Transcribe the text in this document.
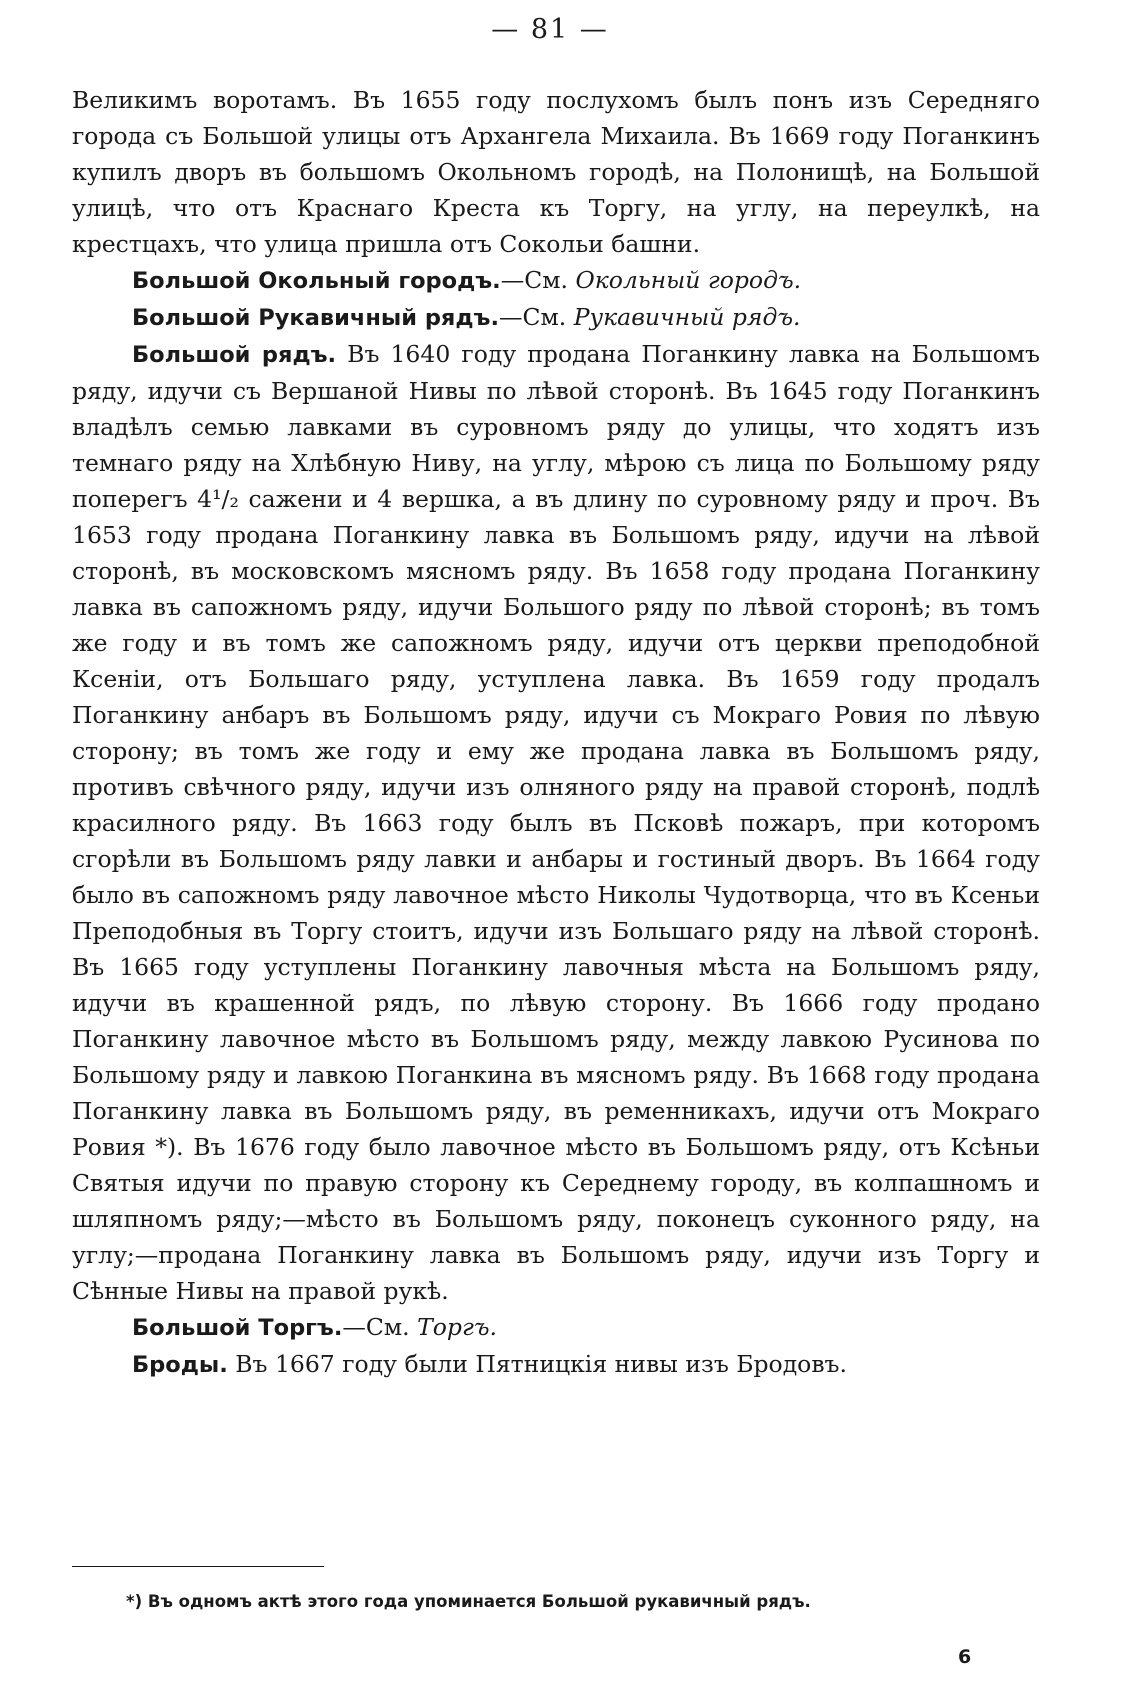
— 81 —

Великимъ воротамъ. Въ 1655 году послухомъ былъ понъ изъ Середняго города съ Большой улицы отъ Архангела Михаила. Въ 1669 году Поганкинъ купилъ дворъ въ большомъ Окольномъ городѣ, на Полонищѣ, на Большой улицѣ, что отъ Краснаго Креста къ Торгу, на углу, на переулкѣ, на крестцахъ, что улица пришла отъ Сокольи башни.

Большой Окольный городъ.—См. Окольный городъ.

Большой Рукавичный рядъ.—См. Рукавичный рядъ.

Большой рядъ. Въ 1640 году продана Поганкину лавка на Большомъ ряду, идучи съ Вершаной Нивы по лѣвой сторонѣ. Въ 1645 году Поганкинъ владѣлъ семью лавками въ суровномъ ряду до улицы, что ходятъ изъ темнаго ряду на Хлѣбную Ниву, на углу, мѣрою съ лица по Большому ряду поперегъ 4¹/₂ сажени и 4 вершка, а въ длину по суровному ряду и проч. Въ 1653 году продана Поганкину лавка въ Большомъ ряду, идучи на лѣвой сторонѣ, въ московскомъ мясномъ ряду. Въ 1658 году продана Поганкину лавка въ сапожномъ ряду, идучи Большого ряду по лѣвой сторонѣ; въ томъ же году и въ томъ же сапожномъ ряду, идучи отъ церкви преподобной Ксеніи, отъ Большаго ряду, уступлена лавка. Въ 1659 году продалъ Поганкину анбаръ въ Большомъ ряду, идучи съ Мокраго Ровия по лѣвую сторону; въ томъ же году и ему же продана лавка въ Большомъ ряду, противъ свѣчного ряду, идучи изъ олняного ряду на правой сторонѣ, подлѣ красилного ряду. Въ 1663 году былъ въ Псковѣ пожаръ, при которомъ сгорѣли въ Большомъ ряду лавки и анбары и гостиный дворъ. Въ 1664 году было въ сапожномъ ряду лавочное мѣсто Николы Чудотворца, что въ Ксеньи Преподобныя въ Торгу стоитъ, идучи изъ Большаго ряду на лѣвой сторонѣ. Въ 1665 году уступлены Поганкину лавочныя мѣста на Большомъ ряду, идучи въ крашенной рядъ, по лѣвую сторону. Въ 1666 году продано Поганкину лавочное мѣсто въ Большомъ ряду, между лавкою Русинова по Большому ряду и лавкою Поганкина въ мясномъ ряду. Въ 1668 году продана Поганкину лавка въ Большомъ ряду, въ ременникахъ, идучи отъ Мокраго Ровия *). Въ 1676 году было лавочное мѣсто въ Большомъ ряду, отъ Ксѣньи Святыя идучи по правую сторону къ Середнему городу, въ колпашномъ и шляпномъ ряду;—мѣсто въ Большомъ ряду, поконецъ суконного ряду, на углу;—продана Поганкину лавка въ Большомъ ряду, идучи изъ Торгу и Сѣнные Нивы на правой рукѣ.

Большой Торгъ.—См. Торгъ.

Броды. Въ 1667 году были Пятницкія нивы изъ Бродовъ.

*) Въ одномъ актѣ этого года упоминается Большой рукавичный рядъ.
6
